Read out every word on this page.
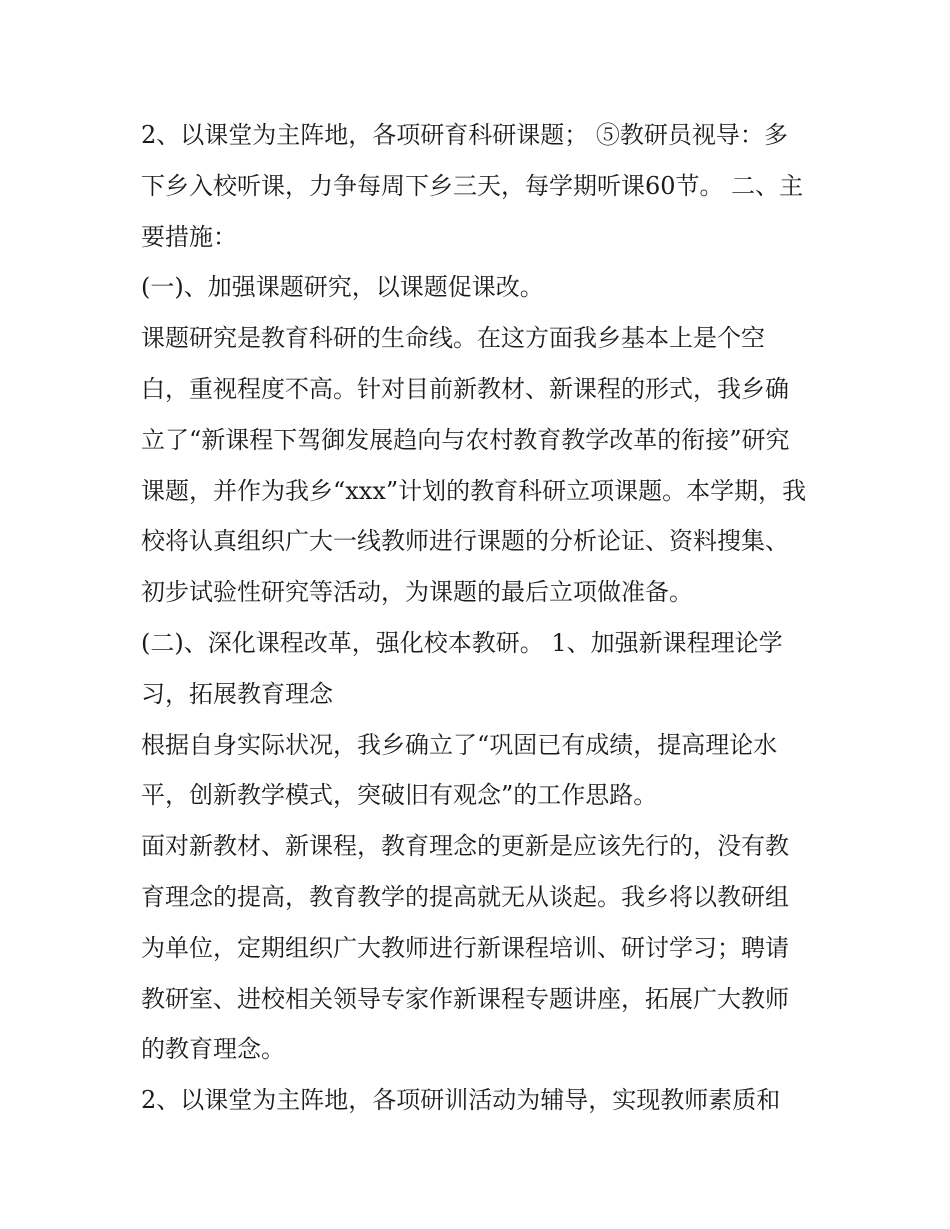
2、以课堂为主阵地，各项研育科研课题； ⑤教研员视导：多下乡入校听课，力争每周下乡三天，每学期听课60节。 二、主要措施：

(一)、加强课题研究，以课题促课改。

课题研究是教育科研的生命线。在这方面我乡基本上是个空白，重视程度不高。针对目前新教材、新课程的形式，我乡确立了“新课程下驾御发展趋向与农村教育教学改革的衔接”研究课题，并作为我乡“xxx”计划的教育科研立项课题。本学期，我校将认真组织广大一线教师进行课题的分析论证、资料搜集、初步试验性研究等活动，为课题的最后立项做准备。

(二)、深化课程改革，强化校本教研。 1、加强新课程理论学习，拓展教育理念

根据自身实际状况，我乡确立了“巩固已有成绩，提高理论水平，创新教学模式，突破旧有观念”的工作思路。

面对新教材、新课程，教育理念的更新是应该先行的，没有教育理念的提高，教育教学的提高就无从谈起。我乡将以教研组为单位，定期组织广大教师进行新课程培训、研讨学习；聘请教研室、进校相关领导专家作新课程专题讲座，拓展广大教师的教育理念。

2、以课堂为主阵地，各项研训活动为辅导，实现教师素质和
